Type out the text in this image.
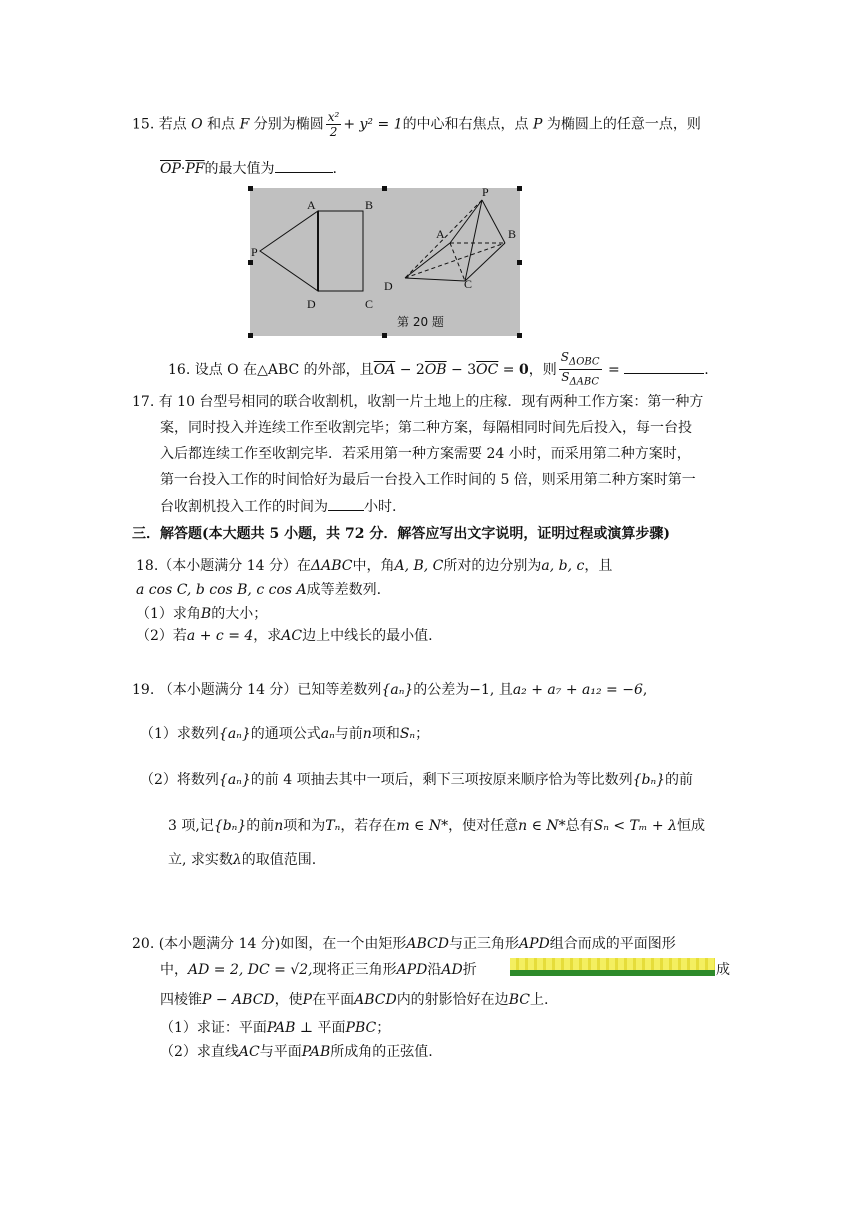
15. 若点 O 和点 F 分别为椭圆 $\frac{\text{x²}}{2} + y^2 = 1$的中心和右焦点，点 P 为椭圆上的任意一点，则
$\overline{OP}\cdot\overline{PF}$的最大值为	.
A	B
P
D	C
P
A	B
D	C
第 20 题
16. 设点 O 在△ABC 的外部，且$\overline{OA} - 2\overline{OB} - 3\overline{OC} = 0$，则 $\frac{S_{\Delta OBC}}{S_{\Delta ABC}}$ =	.
17. 有 10 台型号相同的联合收割机，收割一片土地上的庄稼．现有两种工作方案：第一种方
案，同时投入并连续工作至收割完毕；第二种方案，每隔相同时间先后投入，每一台投
入后都连续工作至收割完毕．若采用第一种方案需要 24 小时，而采用第二种方案时，
第一台投入工作的时间恰好为最后一台投入工作时间的 5 倍，则采用第二种方案时第一
台收割机投入工作的时间为	小时.
三．解答题(本大题共 5 小题，共 72 分．解答应写出文字说明，证明过程或演算步骤)
18.（本小题满分 14 分）在ΔABC中，角A, B, C所对的边分别为a, b, c，且
a cos C, b cos B, c cos A成等差数列.
（1）求角B的大小；
（2）若a + c = 4，求AC边上中线长的最小值.
19. （本小题满分 14 分）已知等差数列{aₙ}的公差为−1, 且a₂ + a₇ + a₁₂ = −6,
（1）求数列{aₙ}的通项公式aₙ与前n项和Sₙ；
（2）将数列{aₙ}的前 4 项抽去其中一项后，剩下三项按原来顺序恰为等比数列{bₙ}的前
3 项,记{bₙ}的前n项和为Tₙ，若存在m ∈ N*，使对任意n ∈ N*总有Sₙ < Tₘ + λ恒成
立, 求实数λ的取值范围.
20. (本小题满分 14 分)如图，在一个由矩形ABCD与正三角形APD组合而成的平面图形
中，AD = 2, DC = √2,现将正三角形APD沿AD折	成
四棱锥P − ABCD，使P在平面ABCD内的射影恰好在边BC上.
（1）求证：平面PAB ⊥ 平面PBC；
（2）求直线AC与平面PAB所成角的正弦值.
